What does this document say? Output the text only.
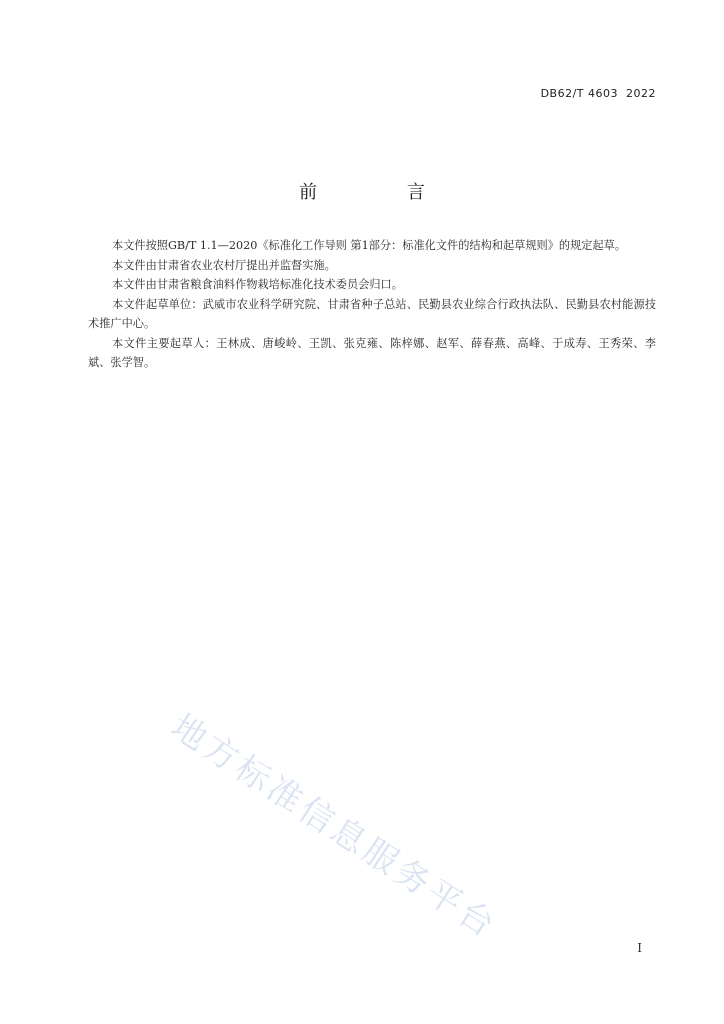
DB62/T 4603  2022
前 言

本文件按照GB/T 1.1—2020《标准化工作导则 第1部分：标准化文件的结构和起草规则》的规定起草。

本文件由甘肃省农业农村厅提出并监督实施。

本文件由甘肃省粮食油料作物栽培标准化技术委员会归口。

本文件起草单位：武威市农业科学研究院、甘肃省种子总站、民勤县农业综合行政执法队、民勤县农村能源技术推广中心。

本文件主要起草人：王林成、唐峻岭、王凯、张克雍、陈梓娜、赵军、薛春燕、高峰、于成寿、王秀荣、李斌、张学智。

地方标准信息服务平台
I
